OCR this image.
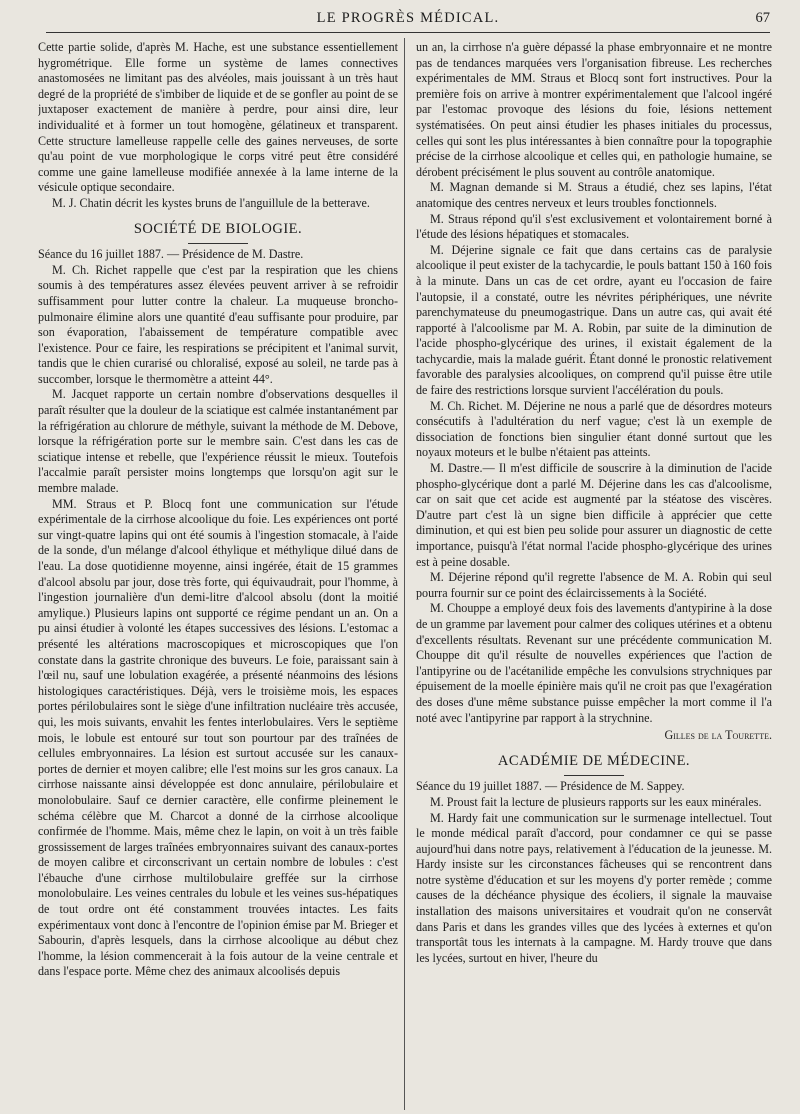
LE PROGRÈS MÉDICAL.	67

Cette partie solide, d'après M. Hache, est une substance essentiellement hygrométrique. Elle forme un système de lames connectives anastomosées ne limitant pas des alvéoles, mais jouissant à un très haut degré de la propriété de s'imbiber de liquide et de se gonfler au point de se juxtaposer exactement de manière à perdre, pour ainsi dire, leur individualité et à former un tout homogène, gélatineux et transparent. Cette structure lamelleuse rappelle celle des gaines nerveuses, de sorte qu'au point de vue morphologique le corps vitré peut être considéré comme une gaine lamelleuse modifiée annexée à la lame interne de la vésicule optique secondaire.

M. J. Chatin décrit les kystes bruns de l'anguillule de la betterave.

SOCIÉTÉ DE BIOLOGIE.

Séance du 16 juillet 1887. — Présidence de M. Dastre.

M. Ch. Richet rappelle que c'est par la respiration que les chiens soumis à des températures assez élevées peuvent arriver à se refroidir suffisamment pour lutter contre la chaleur. La muqueuse broncho-pulmonaire élimine alors une quantité d'eau suffisante pour produire, par son évaporation, l'abaissement de température compatible avec l'existence. Pour ce faire, les respirations se précipitent et l'animal survit, tandis que le chien curarisé ou chloralisé, exposé au soleil, ne tarde pas à succomber, lorsque le thermomètre a atteint 44°.

M. Jacquet rapporte un certain nombre d'observations desquelles il paraît résulter que la douleur de la sciatique est calmée instantanément par la réfrigération au chlorure de méthyle, suivant la méthode de M. Debove, lorsque la réfrigération porte sur le membre sain. C'est dans les cas de sciatique intense et rebelle, que l'expérience réussit le mieux. Toutefois l'accalmie paraît persister moins longtemps que lorsqu'on agit sur le membre malade.

MM. Straus et P. Blocq font une communication sur l'étude expérimentale de la cirrhose alcoolique du foie. Les expériences ont porté sur vingt-quatre lapins qui ont été soumis à l'ingestion stomacale, à l'aide de la sonde, d'un mélange d'alcool éthylique et méthylique dilué dans de l'eau. La dose quotidienne moyenne, ainsi ingérée, était de 15 grammes d'alcool absolu par jour, dose très forte, qui équivaudrait, pour l'homme, à l'ingestion journalière d'un demi-litre d'alcool absolu (dont la moitié amylique.) Plusieurs lapins ont supporté ce régime pendant un an. On a pu ainsi étudier à volonté les étapes successives des lésions. L'estomac a présenté les altérations macroscopiques et microscopiques que l'on constate dans la gastrite chronique des buveurs. Le foie, paraissant sain à l'œil nu, sauf une lobulation exagérée, a présenté néanmoins des lésions histologiques caractéristiques. Déjà, vers le troisième mois, les espaces portes périlobulaires sont le siège d'une infiltration nucléaire très accusée, qui, les mois suivants, envahit les fentes interlobulaires. Vers le septième mois, le lobule est entouré sur tout son pourtour par des traînées de cellules embryonnaires. La lésion est surtout accusée sur les canaux-portes de dernier et moyen calibre; elle l'est moins sur les gros canaux. La cirrhose naissante ainsi développée est donc annulaire, périlobulaire et monolobulaire. Sauf ce dernier caractère, elle confirme pleinement le schéma célèbre que M. Charcot a donné de la cirrhose alcoolique confirmée de l'homme. Mais, même chez le lapin, on voit à un très faible grossissement de larges traînées embryonnaires suivant des canaux-portes de moyen calibre et circonscrivant un certain nombre de lobules : c'est l'ébauche d'une cirrhose multilobulaire greffée sur la cirrhose monolobulaire. Les veines centrales du lobule et les veines sus-hépatiques de tout ordre ont été constamment trouvées intactes. Les faits expérimentaux vont donc à l'encontre de l'opinion émise par M. Brieger et Sabourin, d'après lesquels, dans la cirrhose alcoolique au début chez l'homme, la lésion commencerait à la fois autour de la veine centrale et dans l'espace porte. Même chez des animaux alcoolisés depuis

un an, la cirrhose n'a guère dépassé la phase embryonnaire et ne montre pas de tendances marquées vers l'organisation fibreuse. Les recherches expérimentales de MM. Straus et Blocq sont fort instructives. Pour la première fois on arrive à montrer expérimentalement que l'alcool ingéré par l'estomac provoque des lésions du foie, lésions nettement systématisées. On peut ainsi étudier les phases initiales du processus, celles qui sont les plus intéressantes à bien connaître pour la topographie précise de la cirrhose alcoolique et celles qui, en pathologie humaine, se dérobent précisément le plus souvent au contrôle anatomique.

M. Magnan demande si M. Straus a étudié, chez ses lapins, l'état anatomique des centres nerveux et leurs troubles fonctionnels.

M. Straus répond qu'il s'est exclusivement et volontairement borné à l'étude des lésions hépatiques et stomacales.

M. Déjerine signale ce fait que dans certains cas de paralysie alcoolique il peut exister de la tachycardie, le pouls battant 150 à 160 fois à la minute. Dans un cas de cet ordre, ayant eu l'occasion de faire l'autopsie, il a constaté, outre les névrites périphériques, une névrite parenchymateuse du pneumogastrique. Dans un autre cas, qui avait été rapporté à l'alcoolisme par M. A. Robin, par suite de la diminution de l'acide phospho-glycérique des urines, il existait également de la tachycardie, mais la malade guérit. Étant donné le pronostic relativement favorable des paralysies alcooliques, on comprend qu'il puisse être utile de faire des restrictions lorsque survient l'accélération du pouls.

M. Ch. Richet. M. Déjerine ne nous a parlé que de désordres moteurs consécutifs à l'adultération du nerf vague; c'est là un exemple de dissociation de fonctions bien singulier étant donné surtout que les noyaux moteurs et le bulbe n'étaient pas atteints.

M. Dastre.— Il m'est difficile de souscrire à la diminution de l'acide phospho-glycérique dont a parlé M. Déjerine dans les cas d'alcoolisme, car on sait que cet acide est augmenté par la stéatose des viscères. D'autre part c'est là un signe bien difficile à apprécier que cette diminution, et qui est bien peu solide pour assurer un diagnostic de cette importance, puisqu'à l'état normal l'acide phospho-glycérique des urines est à peine dosable.

M. Déjerine répond qu'il regrette l'absence de M. A. Robin qui seul pourra fournir sur ce point des éclaircissements à la Société.

M. Chouppe a employé deux fois des lavements d'antypirine à la dose de un gramme par lavement pour calmer des coliques utérines et a obtenu d'excellents résultats. Revenant sur une précédente communication M. Chouppe dit qu'il résulte de nouvelles expériences que l'action de l'antipyrine ou de l'acétanilide empêche les convulsions strychniques par épuisement de la moelle épinière mais qu'il ne croit pas que l'exagération des doses d'une même substance puisse empêcher la mort comme il l'a noté avec l'antipyrine par rapport à la strychnine.

Gilles de la Tourette.
ACADÉMIE DE MÉDECINE.

Séance du 19 juillet 1887. — Présidence de M. Sappey.

M. Proust fait la lecture de plusieurs rapports sur les eaux minérales.

M. Hardy fait une communication sur le surmenage intellectuel. Tout le monde médical paraît d'accord, pour condamner ce qui se passe aujourd'hui dans notre pays, relativement à l'éducation de la jeunesse. M. Hardy insiste sur les circonstances fâcheuses qui se rencontrent dans notre système d'éducation et sur les moyens d'y porter remède ; comme causes de la déchéance physique des écoliers, il signale la mauvaise installation des maisons universitaires et voudrait qu'on ne conservât dans Paris et dans les grandes villes que des lycées à externes et qu'on transportât tous les internats à la campagne. M. Hardy trouve que dans les lycées, surtout en hiver, l'heure du
